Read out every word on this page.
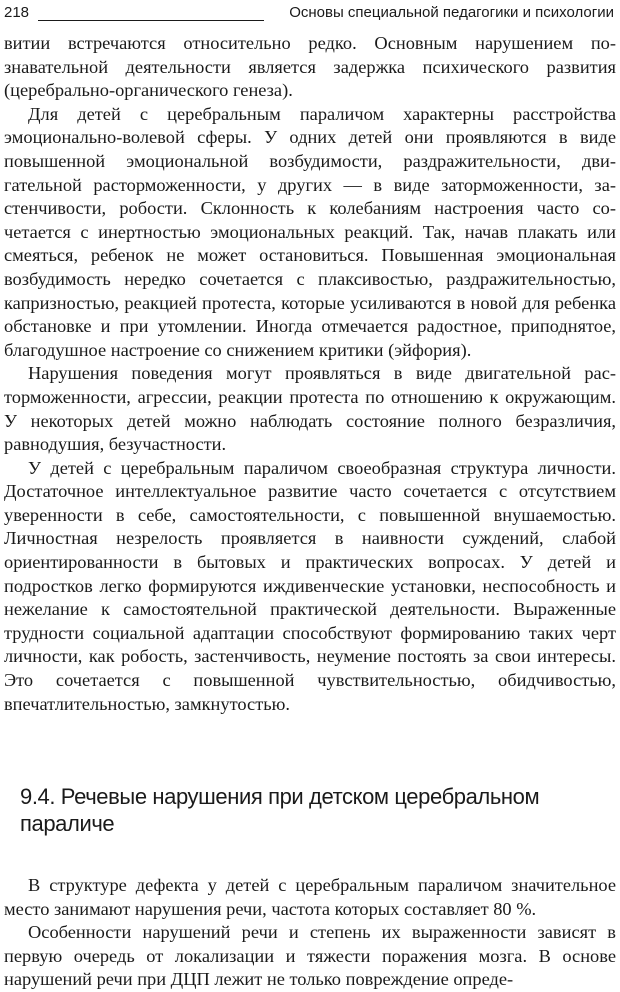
218	Основы специальной педагогики и психологии

витии встречаются относительно редко. Основным нарушением познавательной деятельности является задержка психического развития (церебрально-органического генеза).

Для детей с церебральным параличом характерны расстройства эмоционально-волевой сферы. У одних детей они проявляются в виде повышенной эмоциональной возбудимости, раздражительности, двигательной расторможенности, у других — в виде заторможенности, застенчивости, робости. Склонность к колебаниям настроения часто сочетается с инертностью эмоциональных реакций. Так, начав плакать или смеяться, ребенок не может остановиться. Повышенная эмоциональная возбудимость нередко сочетается с плаксивостью, раздражительностью, капризностью, реакцией протеста, которые усиливаются в новой для ребенка обстановке и при утомлении. Иногда отмечается радостное, приподнятое, благодушное настроение со снижением критики (эйфория).

Нарушения поведения могут проявляться в виде двигательной расторможенности, агрессии, реакции протеста по отношению к окружающим. У некоторых детей можно наблюдать состояние полного безразличия, равнодушия, безучастности.

У детей с церебральным параличом своеобразная структура личности. Достаточное интеллектуальное развитие часто сочетается с отсутствием уверенности в себе, самостоятельности, с повышенной внушаемостью. Личностная незрелость проявляется в наивности суждений, слабой ориентированности в бытовых и практических вопросах. У детей и подростков легко формируются иждивенческие установки, неспособность и нежелание к самостоятельной практической деятельности. Выраженные трудности социальной адаптации способствуют формированию таких черт личности, как робость, застенчивость, неумение постоять за свои интересы. Это сочетается с повышенной чувствительностью, обидчивостью, впечатлительностью, замкнутостью.

9.4. Речевые нарушения при детском церебральном параличе

В структуре дефекта у детей с церебральным параличом значительное место занимают нарушения речи, частота которых составляет 80 %.

Особенности нарушений речи и степень их выраженности зависят в первую очередь от локализации и тяжести поражения мозга. В основе нарушений речи при ДЦП лежит не только повреждение опреде-
